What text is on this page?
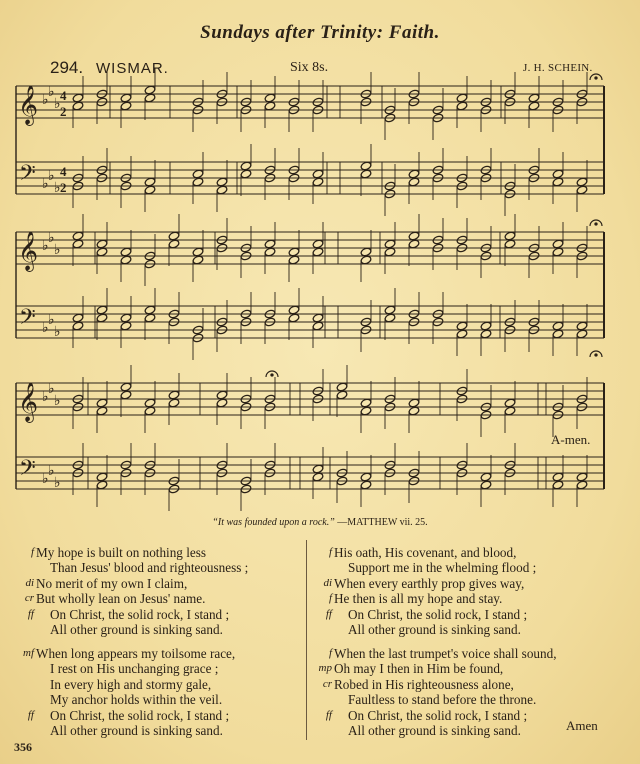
Sundays after Trinity: Faith.
294. WISMAR.	Six 8s.	J. H. SCHEIN.
𝄞
𝄢
♭
♭
♭
♭
♭
♭
𝄞
𝄢
♭
♭
♭
♭
♭
♭
𝄞
𝄢
♭
♭
♭
♭
♭
♭
4
2
4
2
A-men.
“It was founded upon a rock.” —MATTHEW vii. 25.
f My hope is built on nothing less
Than Jesus' blood and righteousness ;
di No merit of my own I claim,
cr But wholly lean on Jesus' name.
ff On Christ, the solid rock, I stand ;
All other ground is sinking sand.
mf When long appears my toilsome race,
I rest on His unchanging grace ;
In every high and stormy gale,
My anchor holds within the veil.
ff On Christ, the solid rock, I stand ;
All other ground is sinking sand.
f His oath, His covenant, and blood,
Support me in the whelming flood ;
di When every earthly prop gives way,
f He then is all my hope and stay.
ff On Christ, the solid rock, I stand ;
All other ground is sinking sand.
f When the last trumpet's voice shall sound,
mp Oh may I then in Him be found,
cr Robed in His righteousness alone,
Faultless to stand before the throne.
ff On Christ, the solid rock, I stand ;
All other ground is sinking sand.	Amen
356
